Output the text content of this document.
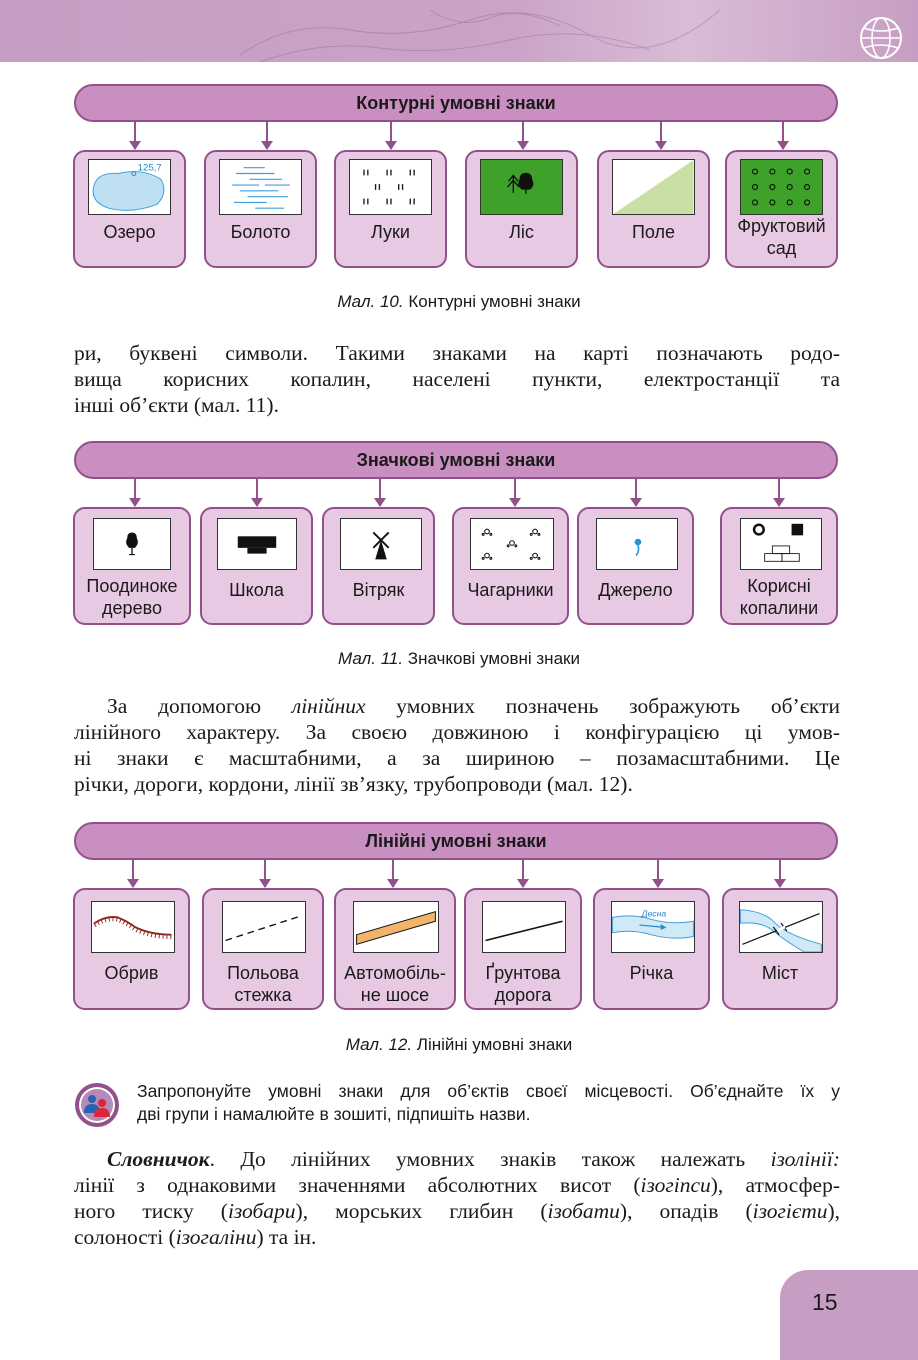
Контурні умовні знаки
125,7
Озеро	Болото	Луки	Ліс	Поле	Фруктовий
сад
Мал. 10. Контурні умовні знаки
ри, буквені символи. Такими знаками на карті позначають родо-
вища корисних копалин, населені пункти, електростанції та
інші об’єкти (мал. 11).
Значкові умовні знаки
Поодиноке
дерево
Школа	Вітряк	Чагарники	Джерело	Корисні
копалини
Мал. 11. Значкові умовні знаки
За допомогою лінійних умовних позначень зображують об’єкти
лінійного характеру. За своєю довжиною і конфігурацією ці умов-
ні знаки є масштабними, а за шириною – позамасштабними. Це
річки, дороги, кордони, лінії зв’язку, трубопроводи (мал. 12).
Лінійні умовні знаки
Обрив	Польова
стежка
Автомобіль-
не шосе
Ґрунтова
дорога
Десна
Річка	Міст
Мал. 12. Лінійні умовні знаки
Запропонуйте умовні знаки для об’єктів своєї місцевості. Об’єднайте їх у
дві групи і намалюйте в зошиті, підпишіть назви.
Словничок. До лінійних умовних знаків також належать ізолінії:
лінії з однаковими значеннями абсолютних висот (ізогіпси), атмосфер-
ного тиску (ізобари), морських глибин (ізобати), опадів (ізогієти),
солоності (ізогаліни) та ін.
15
